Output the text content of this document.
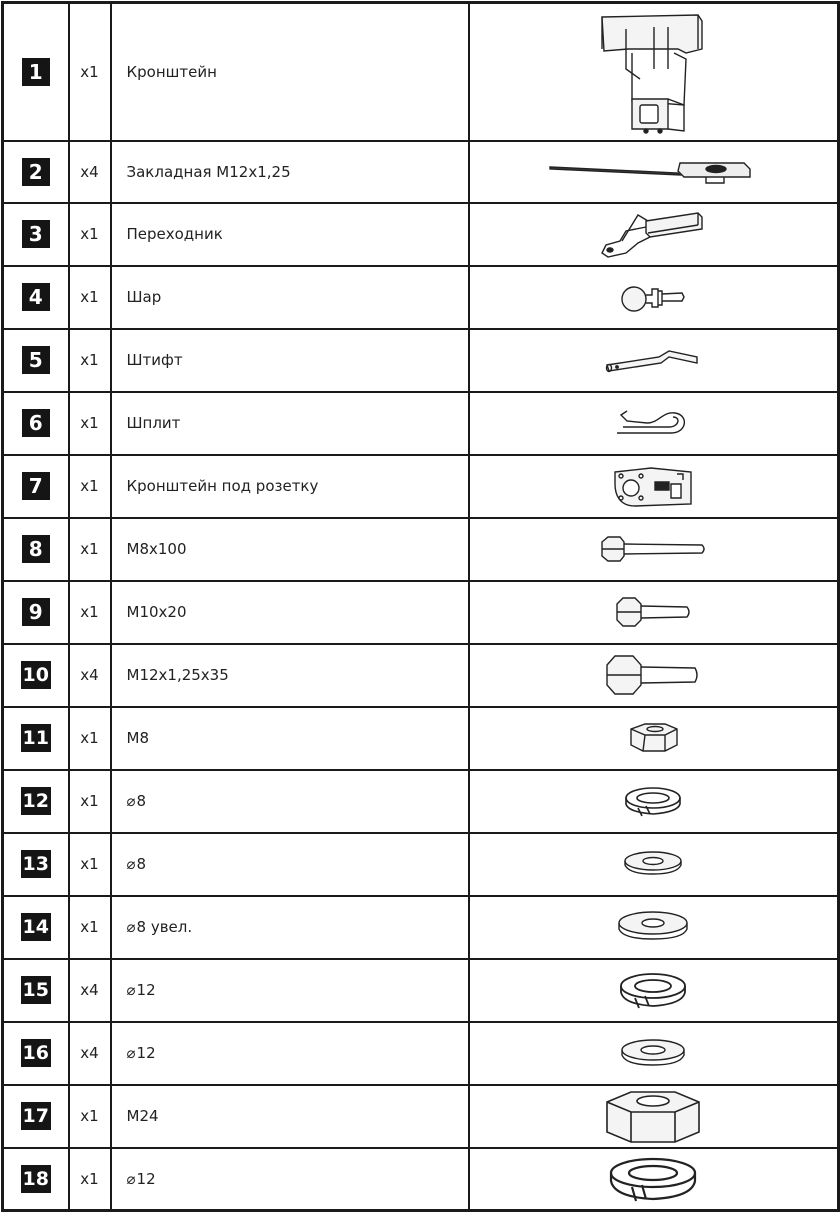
1	x1	Кронштейн	

2	x4	Закладная М12х1,25	

3	x1	Переходник	

4	x1	Шар	

5	x1	Штифт	

6	x1	Шплит	

7	x1	Кронштейн под розетку	

8	x1	М8х100	

9	x1	М10х20	

10	x4	М12х1,25х35	

11	x1	М8	

12	x1	⌀8	

13	x1	⌀8	

14	x1	⌀8 увел.	

15	x4	⌀12	

16	x4	⌀12	

17	x1	М24	

18	x1	⌀12	
